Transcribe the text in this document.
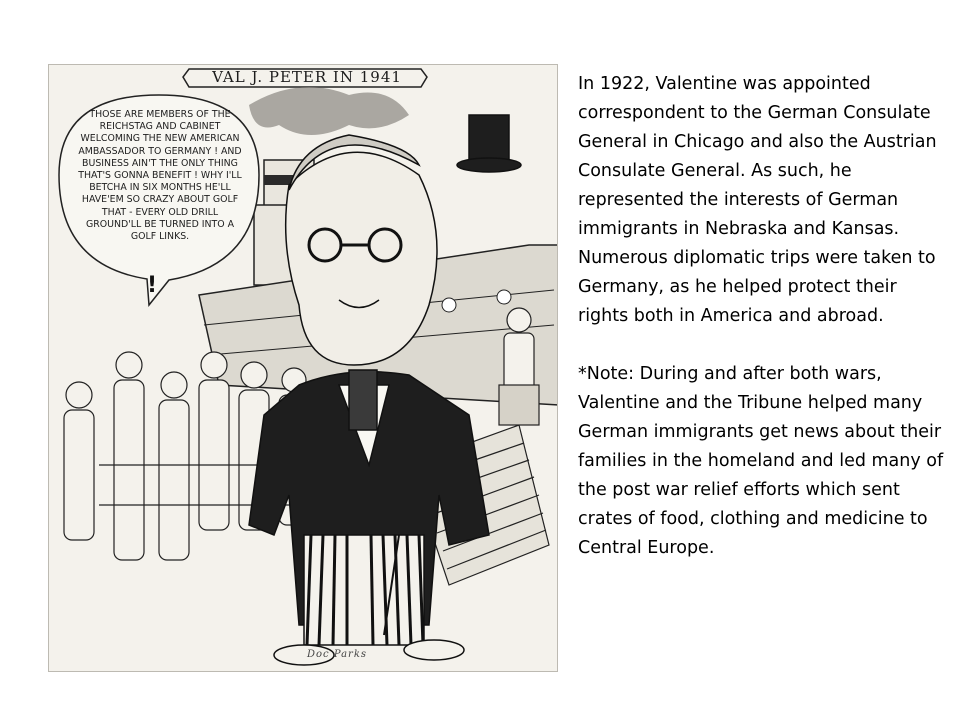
VAL J. PETER IN 1941
THOSE ARE MEMBERS OF THE REICHSTAG AND CABINET WELCOMING THE NEW AMERICAN AMBASSADOR TO GERMANY ! AND BUSINESS AIN'T THE ONLY THING THAT'S GONNA BENEFIT ! WHY I'LL BETCHA IN SIX MONTHS HE'LL HAVE'EM SO CRAZY ABOUT GOLF THAT - EVERY OLD DRILL GROUND'LL BE TURNED INTO A GOLF LINKS.
!
Doc Parks

In 1922, Valentine was appointed correspondent to the German Consulate General in Chicago and also the Austrian Consulate General. As such, he represented the interests of German immigrants in Nebraska and Kansas. Numerous diplomatic trips were taken to Germany, as he helped protect their rights both in America and abroad.

*Note: During and after both wars, Valentine and the Tribune helped many German immigrants get news about their families in the homeland and led many of the post war relief efforts which sent crates of food, clothing and medicine to Central Europe.
